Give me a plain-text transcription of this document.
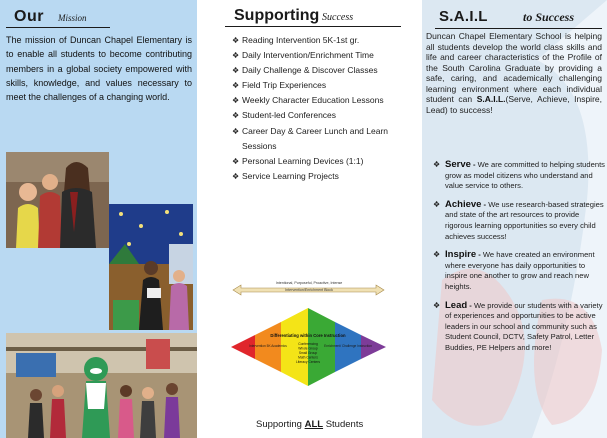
Our Mission

The mission of Duncan Chapel Elementary is to enable all students to become contributing members in a global society empowered with skills, knowledge, and values necessary to meet the challenges of a changing world.

Supporting Success
❖ Reading Intervention 5K-1st gr.
❖ Daily Intervention/Enrichment Time
❖ Daily Challenge & Discover Classes
❖ Field Trip Experiences
❖ Weekly Character Education Lessons
❖ Student-led Conferences
❖ Career Day & Career Lunch and Learn Sessions
❖ Personal Learning Devices (1:1)
❖ Service Learning Projects
Intentional, Purposeful, Proactive, Intense
Intervention/Enrichment Block
Intervention 5K Academics	Enrichment/ Challenge Instruction
Differentiating within Core Instruction
Conferencing
Whole Group
Small Group
Math Centers
Literacy Centers
Supporting ALL Students
S.A.I.L	to Success

Duncan Chapel Elementary School is helping all students develop the world class skills and life and career characteristics of the Profile of the South Carolina Graduate by providing a safe, caring, and academically challenging learning environment where each individual student can S.A.I.L.(Serve, Achieve, Inspire, Lead) to success!

❖ Serve - We are committed to helping students grow as model citizens who understand and value service to others.
❖ Achieve - We use research-based strategies and state of the art resources to provide rigorous learning opportunities so every child achieves success!
❖ Inspire - We have created an environment where everyone has daily opportunities to inspire one another to grow and reach new heights.
❖ Lead - We provide our students with a variety of experiences and opportunities to be active leaders in our school and community such as Student Council, DCTV, Safety Patrol, Letter Buddies, PE Helpers and more!
